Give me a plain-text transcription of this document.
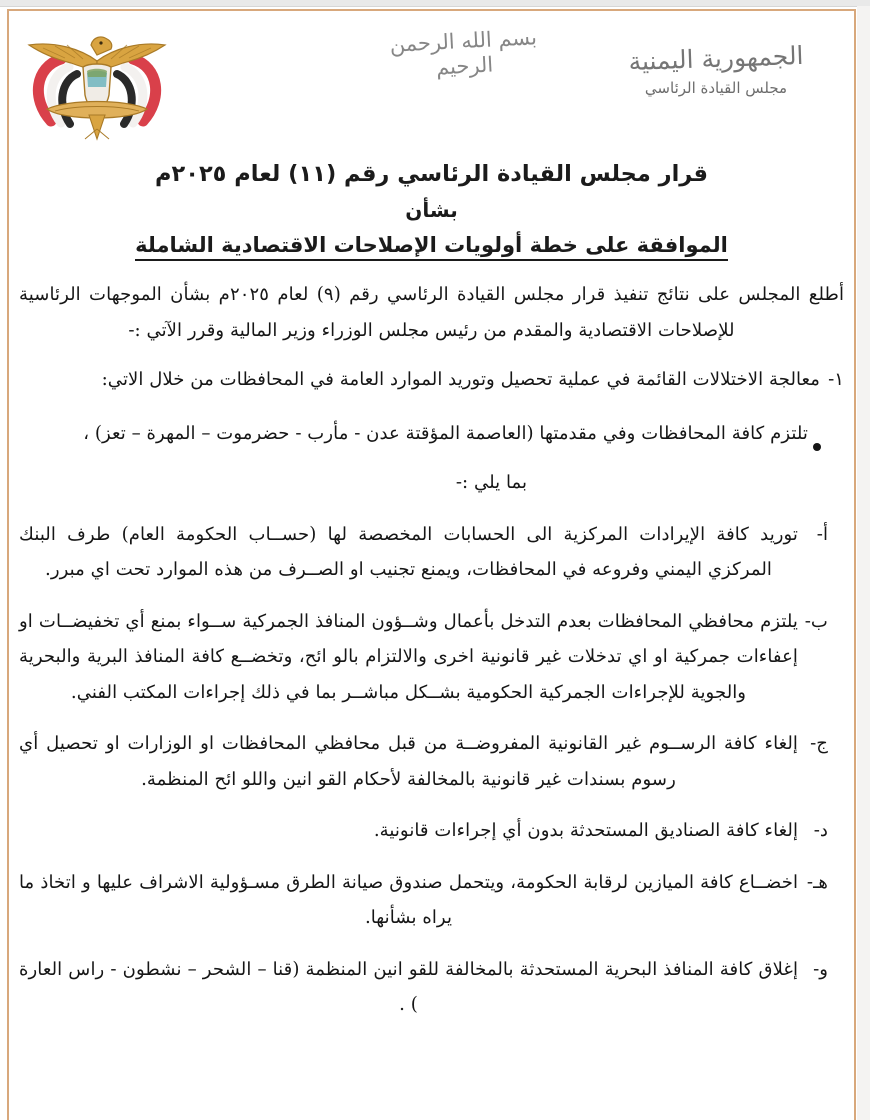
بسم الله الرحمن الرحيم	الجمهورية اليمنية
مجلس القيادة الرئاسي
قرار مجلس القيادة الرئاسي رقم (١١) لعام ٢٠٢٥م
بشأن
الموافقة على خطة أولويات الإصلاحات الاقتصادية الشاملة
أطلع المجلس على نتائج تنفيذ قرار مجلس القيادة الرئاسي رقم (٩) لعام ٢٠٢٥م بشأن الموجهات الرئاسية للإصلاحات الاقتصادية والمقدم من رئيس مجلس الوزراء وزير المالية وقرر الآتي :-
١-
معالجة الاختلالات القائمة في عملية تحصيل وتوريد الموارد العامة في المحافظات من خلال الاتي:
تلتزم كافة المحافظات وفي مقدمتها (العاصمة المؤقتة عدن - مأرب - حضرموت – المهرة – تعز) ،
بما يلي :-
أ-
توريد كافة الإيرادات المركزية الى الحسابات المخصصة لها (حســاب الحكومة العام) طرف البنك المركزي اليمني وفروعه في المحافظات، ويمنع تجنيب او الصــرف من هذه الموارد تحت اي مبرر.
ب-
يلتزم محافظي المحافظات بعدم التدخل بأعمال وشــؤون المنافذ الجمركية ســواء بمنع أي تخفيضــات او إعفاءات جمركية او اي تدخلات غير قانونية اخرى والالتزام بالو ائح، وتخضــع كافة المنافذ البرية والبحرية والجوية للإجراءات الجمركية الحكومية بشــكل مباشــر بما في ذلك إجراءات المكتب الفني.
ج-
إلغاء كافة الرســوم غير القانونية المفروضــة من قبل محافظي المحافظات او الوزارات او تحصيل أي رسوم بسندات غير قانونية بالمخالفة لأحكام القو انين واللو ائح المنظمة.
د-
إلغاء كافة الصناديق المستحدثة بدون أي إجراءات قانونية.
هـ-
اخضــاع كافة الميازين لرقابة الحكومة، ويتحمل صندوق صيانة الطرق مسـؤولية الاشراف عليها و اتخاذ ما يراه بشأنها.
و-
إغلاق كافة المنافذ البحرية المستحدثة بالمخالفة للقو انين المنظمة (قنا – الشحر – نشطون - راس العارة ) .
